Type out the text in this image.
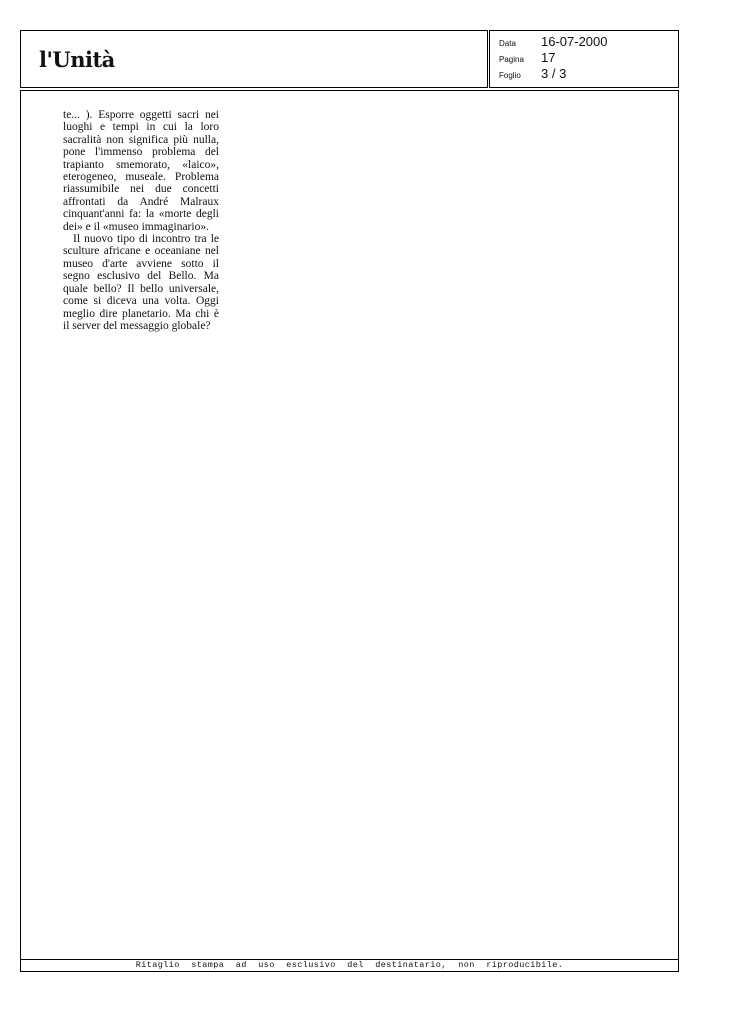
l'Unità
Data	16-07-2000
Pagina	17
Foglio	3 / 3

te... ). Esporre oggetti sacri nei luoghi e tempi in cui la loro sacralità non significa più nulla, pone l'immenso problema del trapianto smemorato, «laico», eterogeneo, museale. Problema riassumibile nei due concetti affrontati da André Malraux cinquant'anni fa: la «morte degli dei» e il «museo immaginario».

Il nuovo tipo di incontro tra le sculture africane e oceaniane nel museo d'arte avviene sotto il segno esclusivo del Bello. Ma quale bello? Il bello universale, come si diceva una volta. Oggi meglio dire planetario. Ma chi è il server del messaggio globale?

Ritaglio stampa ad uso esclusivo del destinatario, non riproducibile.
